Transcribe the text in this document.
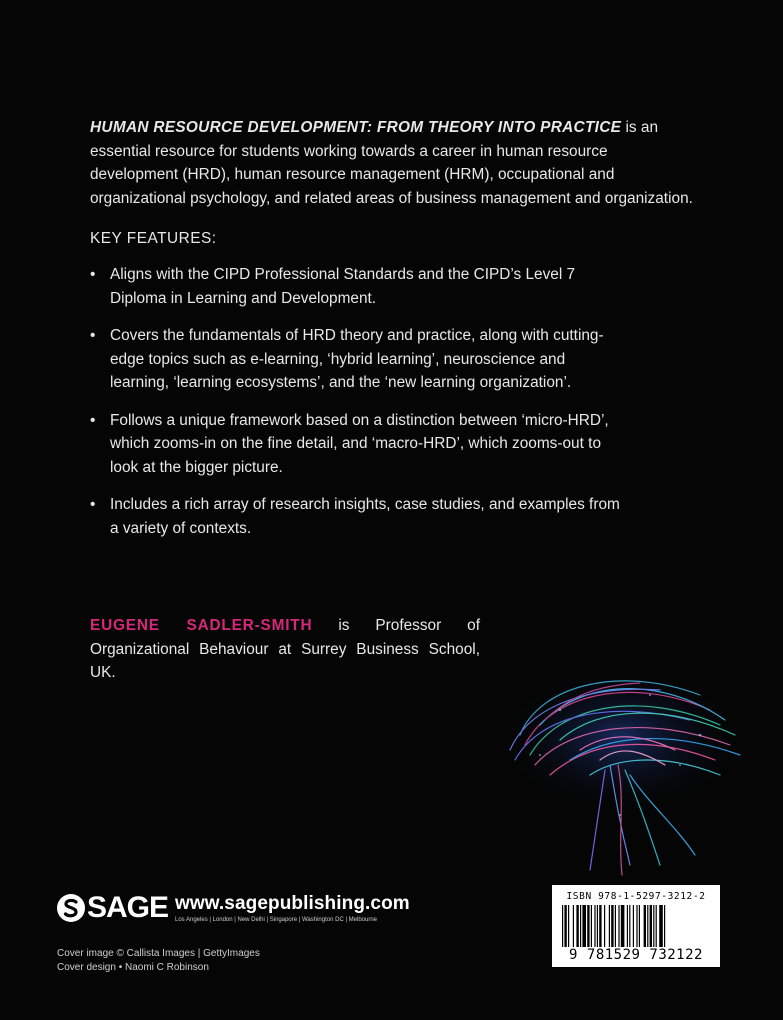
HUMAN RESOURCE DEVELOPMENT: FROM THEORY INTO PRACTICE is an essential resource for students working towards a career in human resource development (HRD), human resource management (HRM), occupational and organizational psychology, and related areas of business management and organization.
KEY FEATURES:
• Aligns with the CIPD Professional Standards and the CIPD’s Level 7 Diploma in Learning and Development.
• Covers the fundamentals of HRD theory and practice, along with cutting-edge topics such as e-learning, ‘hybrid learning’, neuroscience and learning, ‘learning ecosystems’, and the ‘new learning organization’.
• Follows a unique framework based on a distinction between ‘micro-HRD’, which zooms-in on the fine detail, and ‘macro-HRD’, which zooms-out to look at the bigger picture.
• Includes a rich array of research insights, case studies, and examples from a variety of contexts.
EUGENE SADLER-SMITH is Professor of Organizational Behaviour at Surrey Business School, UK.
SAGE www.sagepublishing.com
Los Angeles | London | New Delhi | Singapore | Washington DC | Melbourne
Cover image © Callista Images | GettyImages
Cover design • Naomi C Robinson
ISBN 978-1-5297-3212-2
9 781529 732122
